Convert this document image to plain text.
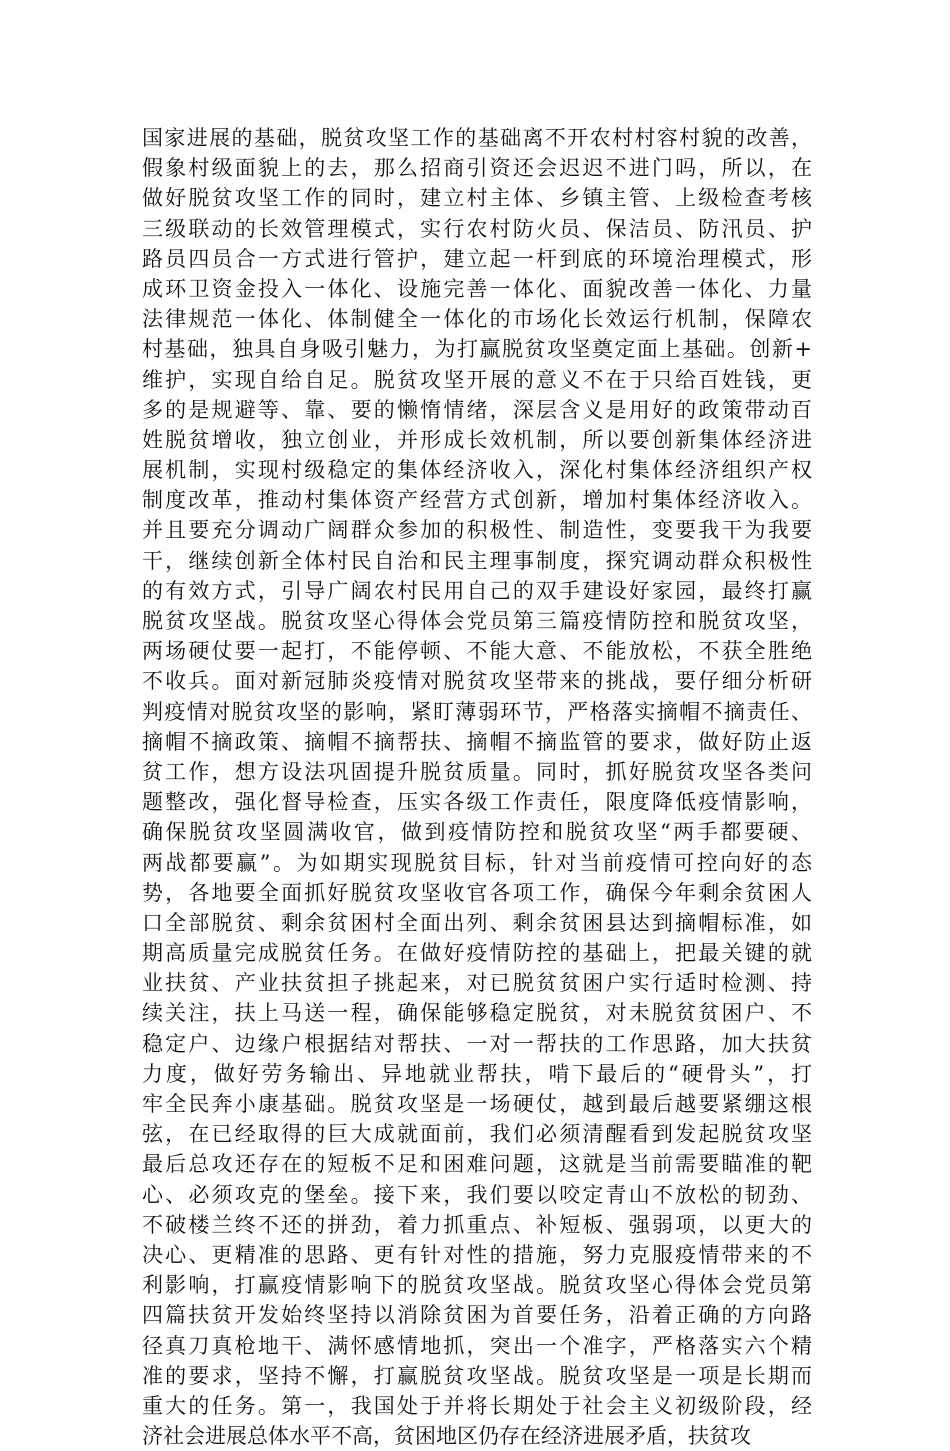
国家进展的基础，脱贫攻坚工作的基础离不开农村村容村貌的改善，
假象村级面貌上的去，那么招商引资还会迟迟不进门吗，所以，在
做好脱贫攻坚工作的同时，建立村主体、乡镇主管、上级检查考核
三级联动的长效管理模式，实行农村防火员、保洁员、防汛员、护
路员四员合一方式进行管护，建立起一杆到底的环境治理模式，形
成环卫资金投入一体化、设施完善一体化、面貌改善一体化、力量
法律规范一体化、体制健全一体化的市场化长效运行机制，保障农
村基础，独具自身吸引魅力，为打赢脱贫攻坚奠定面上基础。创新+
维护，实现自给自足。脱贫攻坚开展的意义不在于只给百姓钱，更
多的是规避等、靠、要的懒惰情绪，深层含义是用好的政策带动百
姓脱贫增收，独立创业，并形成长效机制，所以要创新集体经济进
展机制，实现村级稳定的集体经济收入，深化村集体经济组织产权
制度改革，推动村集体资产经营方式创新，增加村集体经济收入。
并且要充分调动广阔群众参加的积极性、制造性，变要我干为我要
干，继续创新全体村民自治和民主理事制度，探究调动群众积极性
的有效方式，引导广阔农村民用自己的双手建设好家园，最终打赢
脱贫攻坚战。脱贫攻坚心得体会党员第三篇疫情防控和脱贫攻坚，
两场硬仗要一起打，不能停顿、不能大意、不能放松，不获全胜绝
不收兵。面对新冠肺炎疫情对脱贫攻坚带来的挑战，要仔细分析研
判疫情对脱贫攻坚的影响，紧盯薄弱环节，严格落实摘帽不摘责任、
摘帽不摘政策、摘帽不摘帮扶、摘帽不摘监管的要求，做好防止返
贫工作，想方设法巩固提升脱贫质量。同时，抓好脱贫攻坚各类问
题整改，强化督导检查，压实各级工作责任，限度降低疫情影响，
确保脱贫攻坚圆满收官，做到疫情防控和脱贫攻坚“两手都要硬、
两战都要赢”。为如期实现脱贫目标，针对当前疫情可控向好的态
势，各地要全面抓好脱贫攻坚收官各项工作，确保今年剩余贫困人
口全部脱贫、剩余贫困村全面出列、剩余贫困县达到摘帽标准，如
期高质量完成脱贫任务。在做好疫情防控的基础上，把最关键的就
业扶贫、产业扶贫担子挑起来，对已脱贫贫困户实行适时检测、持
续关注，扶上马送一程，确保能够稳定脱贫，对未脱贫贫困户、不
稳定户、边缘户根据结对帮扶、一对一帮扶的工作思路，加大扶贫
力度，做好劳务输出、异地就业帮扶，啃下最后的“硬骨头”，打
牢全民奔小康基础。脱贫攻坚是一场硬仗，越到最后越要紧绷这根
弦，在已经取得的巨大成就面前，我们必须清醒看到发起脱贫攻坚
最后总攻还存在的短板不足和困难问题，这就是当前需要瞄准的靶
心、必须攻克的堡垒。接下来，我们要以咬定青山不放松的韧劲、
不破楼兰终不还的拼劲，着力抓重点、补短板、强弱项，以更大的
决心、更精准的思路、更有针对性的措施，努力克服疫情带来的不
利影响，打赢疫情影响下的脱贫攻坚战。脱贫攻坚心得体会党员第
四篇扶贫开发始终坚持以消除贫困为首要任务，沿着正确的方向路
径真刀真枪地干、满怀感情地抓，突出一个准字，严格落实六个精
准的要求，坚持不懈，打赢脱贫攻坚战。脱贫攻坚是一项是长期而
重大的任务。第一，我国处于并将长期处于社会主义初级阶段，经
济社会进展总体水平不高，贫困地区仍存在经济进展矛盾，扶贫攻
